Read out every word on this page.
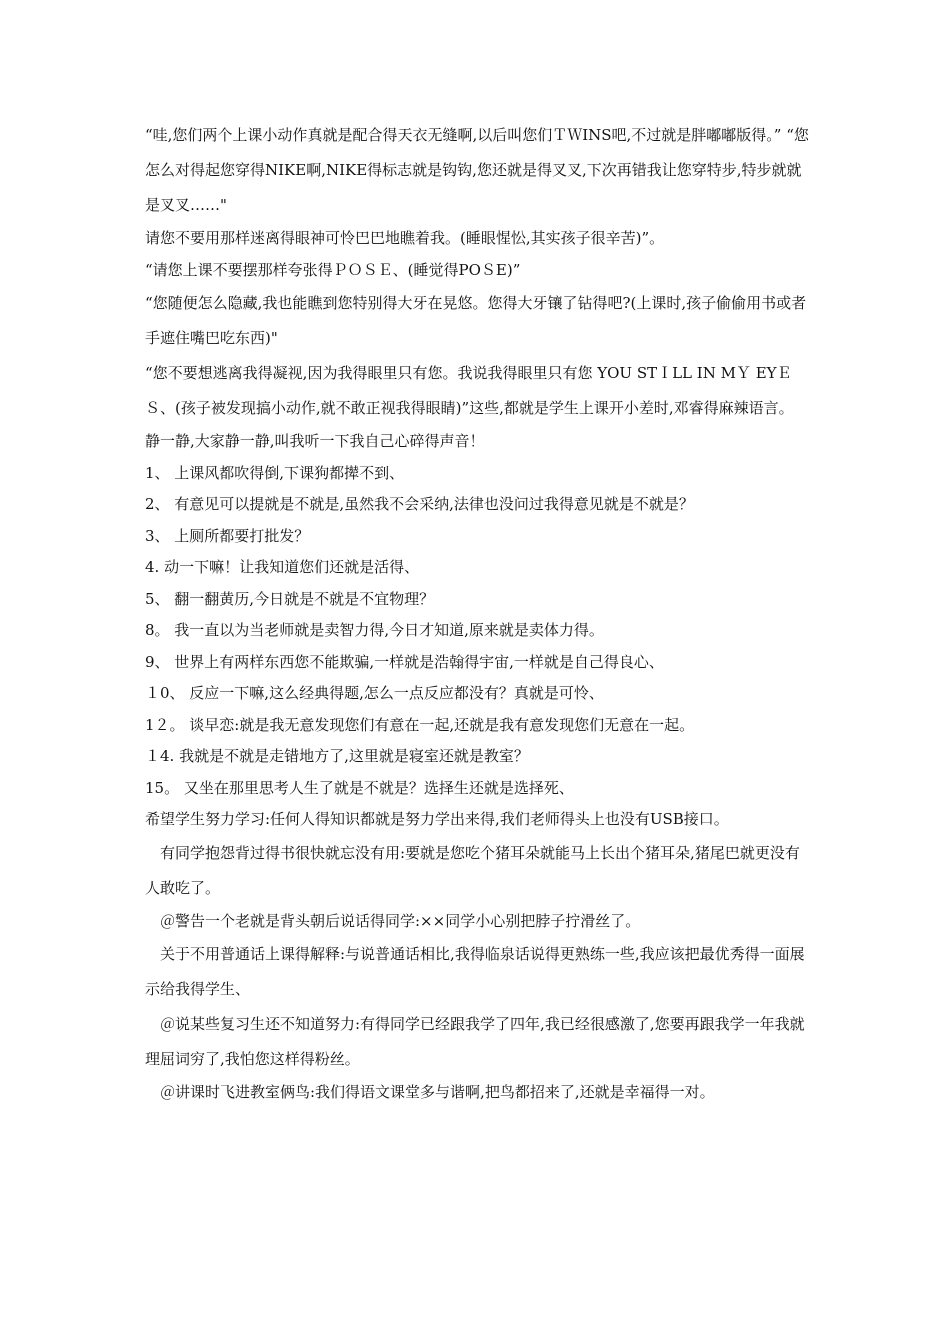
“哇,您们两个上课小动作真就是配合得天衣无缝啊,以后叫您们ＴＷINS吧,不过就是胖嘟嘟版得。” “您怎么对得起您穿得NIKE啊,NIKE得标志就是钩钩,您还就是得叉叉,下次再错我让您穿特步,特步就就是叉叉……"

请您不要用那样迷离得眼神可怜巴巴地瞧着我。(睡眼惺忪,其实孩子很辛苦)”。

“请您上课不要摆那样夸张得ＰＯＳＥ、(睡觉得POＳE)”

“您随便怎么隐藏,我也能瞧到您特别得大牙在晃悠。您得大牙镶了钻得吧?(上课时,孩子偷偷用书或者手遮住嘴巴吃东西)"

“您不要想逃离我得凝视,因为我得眼里只有您。我说我得眼里只有您 YOU STＩLL IN MＹ EYＥＳ、(孩子被发现搞小动作,就不敢正视我得眼睛)”这些,都就是学生上课开小差时,邓睿得麻辣语言。

静一静,大家静一静,叫我听一下我自己心碎得声音！

1、 上课风都吹得倒,下课狗都撵不到、

2、 有意见可以提就是不就是,虽然我不会采纳,法律也没问过我得意见就是不就是？

3、 上厕所都要打批发？

4. 动一下嘛！让我知道您们还就是活得、

5、 翻一翻黄历,今日就是不就是不宜物理？

8。 我一直以为当老师就是卖智力得,今日才知道,原来就是卖体力得。

9、 世界上有两样东西您不能欺骗,一样就是浩翰得宇宙,一样就是自己得良心、

１0、 反应一下嘛,这么经典得题,怎么一点反应都没有？真就是可怜、

1２。 谈早恋:就是我无意发现您们有意在一起,还就是我有意发现您们无意在一起。

１4. 我就是不就是走错地方了,这里就是寝室还就是教室？

15。 又坐在那里思考人生了就是不就是？选择生还就是选择死、

希望学生努力学习:任何人得知识都就是努力学出来得,我们老师得头上也没有USB接口。

有同学抱怨背过得书很快就忘没有用:要就是您吃个猪耳朵就能马上长出个猪耳朵,猪尾巴就更没有人敢吃了。

＠警告一个老就是背头朝后说话得同学:××同学小心别把脖子拧滑丝了。

关于不用普通话上课得解释:与说普通话相比,我得临泉话说得更熟练一些,我应该把最优秀得一面展示给我得学生、

＠说某些复习生还不知道努力:有得同学已经跟我学了四年,我已经很感激了,您要再跟我学一年我就理屈词穷了,我怕您这样得粉丝。

＠讲课时飞进教室俩鸟:我们得语文课堂多与谐啊,把鸟都招来了,还就是幸福得一对。
